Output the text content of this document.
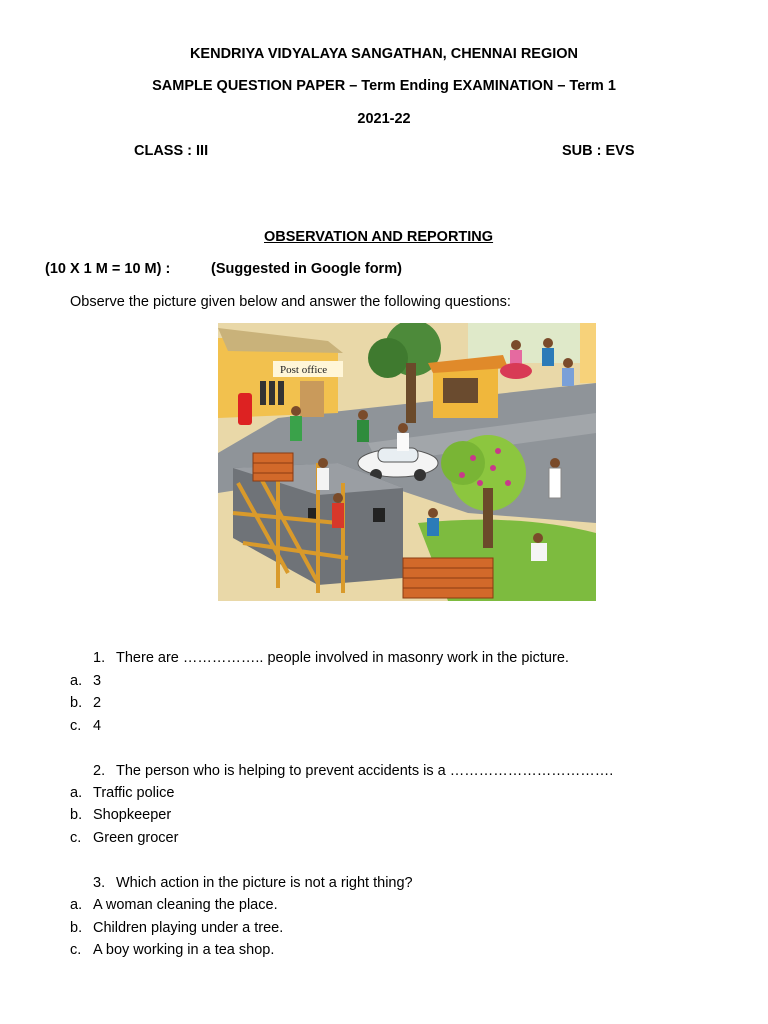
KENDRIYA VIDYALAYA SANGATHAN, CHENNAI REGION
SAMPLE QUESTION PAPER – Term Ending EXAMINATION – Term 1
2021-22
CLASS : III	SUB : EVS
OBSERVATION AND REPORTING
(10 X 1 M = 10 M) :	(Suggested in Google form)
Observe the picture given below and answer the following questions:
Post office
1. There are …………….. people involved in masonry work in the picture.
a. 3
b. 2
c. 4
2. The person who is helping to prevent accidents is a …………………………….
a. Traffic police
b. Shopkeeper
c. Green grocer
3. Which action in the picture is not a right thing?
a. A woman cleaning the place.
b. Children playing under a tree.
c. A boy working in a tea shop.
